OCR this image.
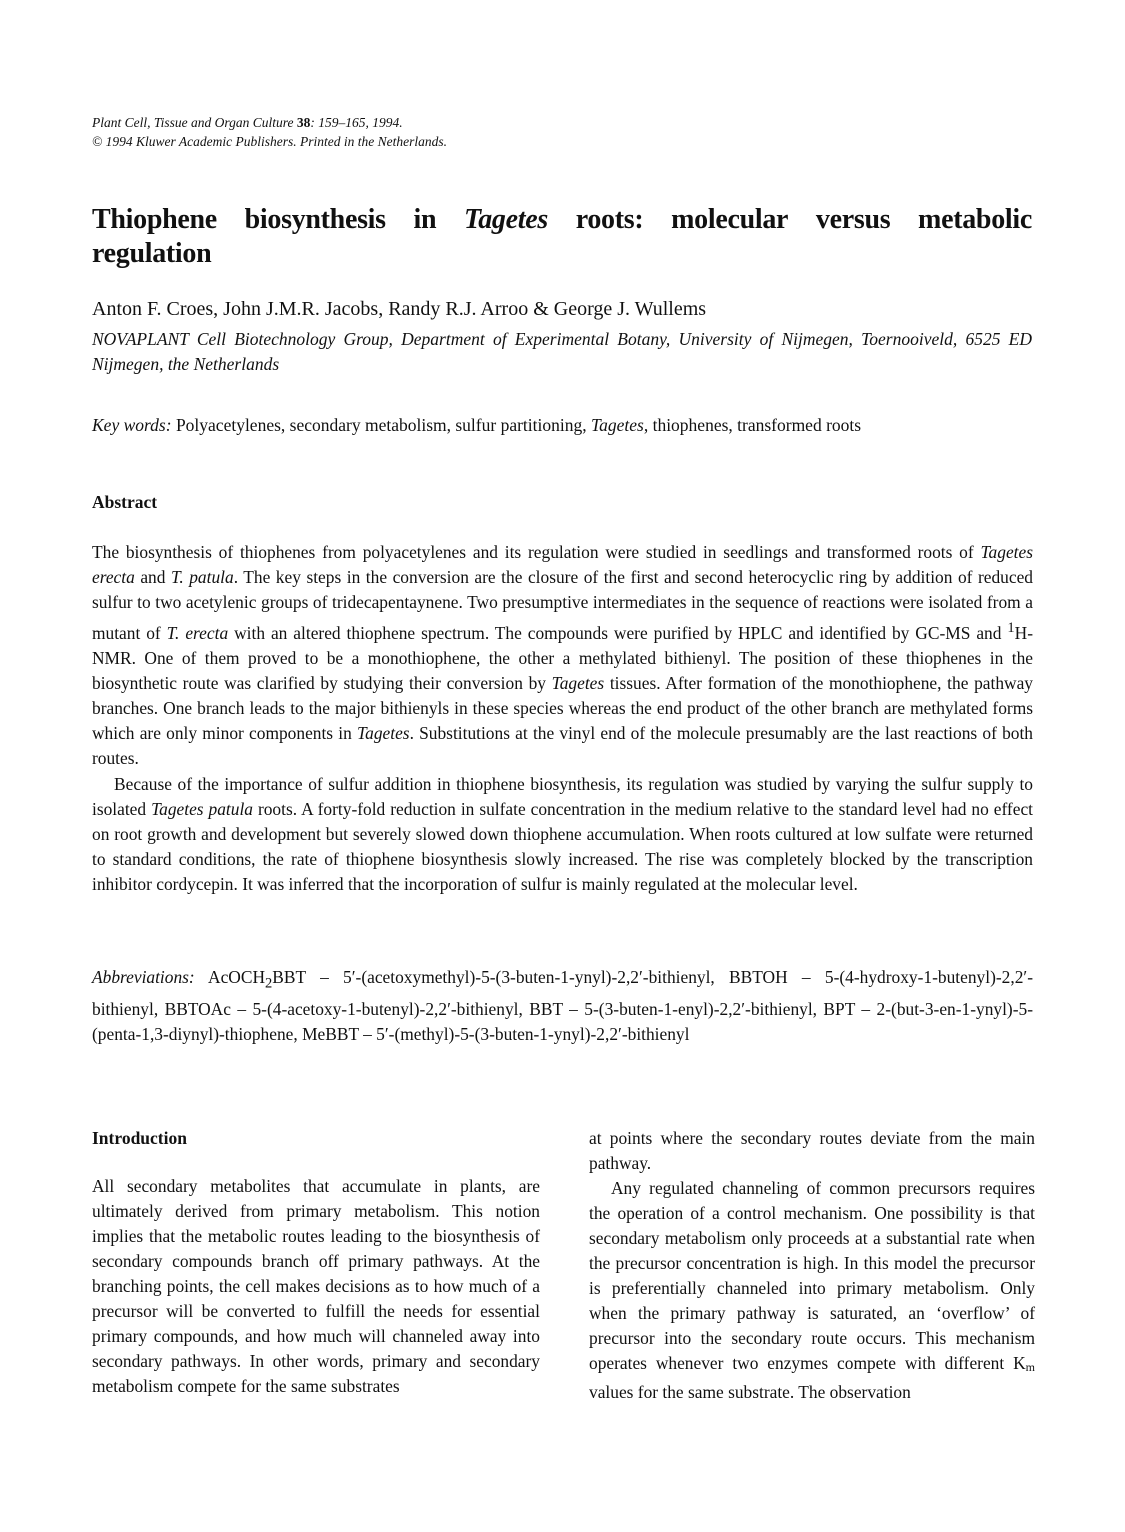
Plant Cell, Tissue and Organ Culture 38: 159–165, 1994.
© 1994 Kluwer Academic Publishers. Printed in the Netherlands.
Thiophene biosynthesis in Tagetes roots: molecular versus metabolic
regulation
Anton F. Croes, John J.M.R. Jacobs, Randy R.J. Arroo & George J. Wullems
NOVAPLANT Cell Biotechnology Group, Department of Experimental Botany, University of Nijmegen, Toernooiveld, 6525 ED Nijmegen, the Netherlands
Key words: Polyacetylenes, secondary metabolism, sulfur partitioning, Tagetes, thiophenes, transformed roots
Abstract

The biosynthesis of thiophenes from polyacetylenes and its regulation were studied in seedlings and transformed roots of Tagetes erecta and T. patula. The key steps in the conversion are the closure of the first and second heterocyclic ring by addition of reduced sulfur to two acetylenic groups of tridecapentaynene. Two presumptive intermediates in the sequence of reactions were isolated from a mutant of T. erecta with an altered thiophene spectrum. The compounds were purified by HPLC and identified by GC-MS and $^1$H-NMR. One of them proved to be a monothiophene, the other a methylated bithienyl. The position of these thiophenes in the biosynthetic route was clarified by studying their conversion by Tagetes tissues. After formation of the monothiophene, the pathway branches. One branch leads to the major bithienyls in these species whereas the end product of the other branch are methylated forms which are only minor components in Tagetes. Substitutions at the vinyl end of the molecule presumably are the last reactions of both routes.

Because of the importance of sulfur addition in thiophene biosynthesis, its regulation was studied by varying the sulfur supply to isolated Tagetes patula roots. A forty-fold reduction in sulfate concentration in the medium relative to the standard level had no effect on root growth and development but severely slowed down thiophene accumulation. When roots cultured at low sulfate were returned to standard conditions, the rate of thiophene biosynthesis slowly increased. The rise was completely blocked by the transcription inhibitor cordycepin. It was inferred that the incorporation of sulfur is mainly regulated at the molecular level.

Abbreviations: AcOCH$_2$BBT – 5′-(acetoxymethyl)-5-(3-buten-1-ynyl)-2,2′-bithienyl, BBTOH – 5-(4-hydroxy-1-butenyl)-2,2′-bithienyl, BBTOAc – 5-(4-acetoxy-1-butenyl)-2,2′-bithienyl, BBT – 5-(3-buten-1-enyl)-2,2′-bithienyl, BPT – 2-(but-3-en-1-ynyl)-5-(penta-1,3-diynyl)-thiophene, MeBBT – 5′-(methyl)-5-(3-buten-1-ynyl)-2,2′-bithienyl
Introduction

All secondary metabolites that accumulate in plants, are ultimately derived from primary metabolism. This notion implies that the metabolic routes leading to the biosynthesis of secondary compounds branch off primary pathways. At the branching points, the cell makes decisions as to how much of a precursor will be converted to fulfill the needs for essential primary compounds, and how much will channeled away into secondary pathways. In other words, primary and secondary metabolism compete for the same substrates

at points where the secondary routes deviate from the main pathway.

Any regulated channeling of common precursors requires the operation of a control mechanism. One possibility is that secondary metabolism only proceeds at a substantial rate when the precursor concentration is high. In this model the precursor is preferentially channeled into primary metabolism. Only when the primary pathway is saturated, an ‘overflow’ of precursor into the secondary route occurs. This mechanism operates whenever two enzymes compete with different $K_m$ values for the same substrate. The observation
